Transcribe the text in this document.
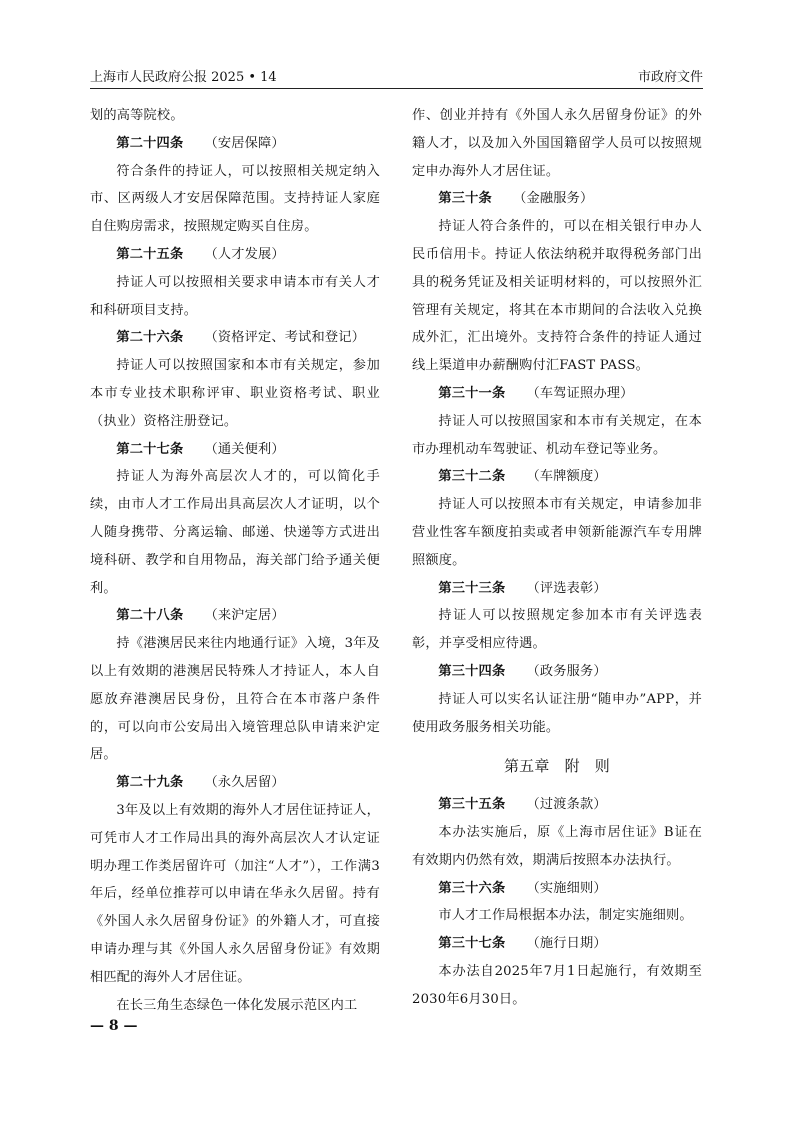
上海市人民政府公报 2025 • 14	市政府文件

划的高等院校。

第二十四条 （安居保障）

符合条件的持证人，可以按照相关规定纳入市、区两级人才安居保障范围。支持持证人家庭自住购房需求，按照规定购买自住房。

第二十五条 （人才发展）

持证人可以按照相关要求申请本市有关人才和科研项目支持。

第二十六条 （资格评定、考试和登记）

持证人可以按照国家和本市有关规定，参加本市专业技术职称评审、职业资格考试、职业（执业）资格注册登记。

第二十七条 （通关便利）

持证人为海外高层次人才的，可以简化手续，由市人才工作局出具高层次人才证明，以个人随身携带、分离运输、邮递、快递等方式进出境科研、教学和自用物品，海关部门给予通关便利。

第二十八条 （来沪定居）

持《港澳居民来往内地通行证》入境，3年及以上有效期的港澳居民特殊人才持证人，本人自愿放弃港澳居民身份，且符合在本市落户条件的，可以向市公安局出入境管理总队申请来沪定居。

第二十九条 （永久居留）

3年及以上有效期的海外人才居住证持证人，可凭市人才工作局出具的海外高层次人才认定证明办理工作类居留许可（加注“人才”），工作满3年后，经单位推荐可以申请在华永久居留。持有《外国人永久居留身份证》的外籍人才，可直接申请办理与其《外国人永久居留身份证》有效期相匹配的海外人才居住证。

在长三角生态绿色一体化发展示范区内工

作、创业并持有《外国人永久居留身份证》的外籍人才，以及加入外国国籍留学人员可以按照规定申办海外人才居住证。

第三十条 （金融服务）

持证人符合条件的，可以在相关银行申办人民币信用卡。持证人依法纳税并取得税务部门出具的税务凭证及相关证明材料的，可以按照外汇管理有关规定，将其在本市期间的合法收入兑换成外汇，汇出境外。支持符合条件的持证人通过线上渠道申办薪酬购付汇FAST PASS。

第三十一条 （车驾证照办理）

持证人可以按照国家和本市有关规定，在本市办理机动车驾驶证、机动车登记等业务。

第三十二条 （车牌额度）

持证人可以按照本市有关规定，申请参加非营业性客车额度拍卖或者申领新能源汽车专用牌照额度。

第三十三条 （评选表彰）

持证人可以按照规定参加本市有关评选表彰，并享受相应待遇。

第三十四条 （政务服务）

持证人可以实名认证注册“随申办”APP，并使用政务服务相关功能。

第五章 附 则

第三十五条 （过渡条款）

本办法实施后，原《上海市居住证》B证在有效期内仍然有效，期满后按照本办法执行。

第三十六条 （实施细则）

市人才工作局根据本办法，制定实施细则。

第三十七条 （施行日期）

本办法自2025年7月1日起施行，有效期至2030年6月30日。

— 8 —
